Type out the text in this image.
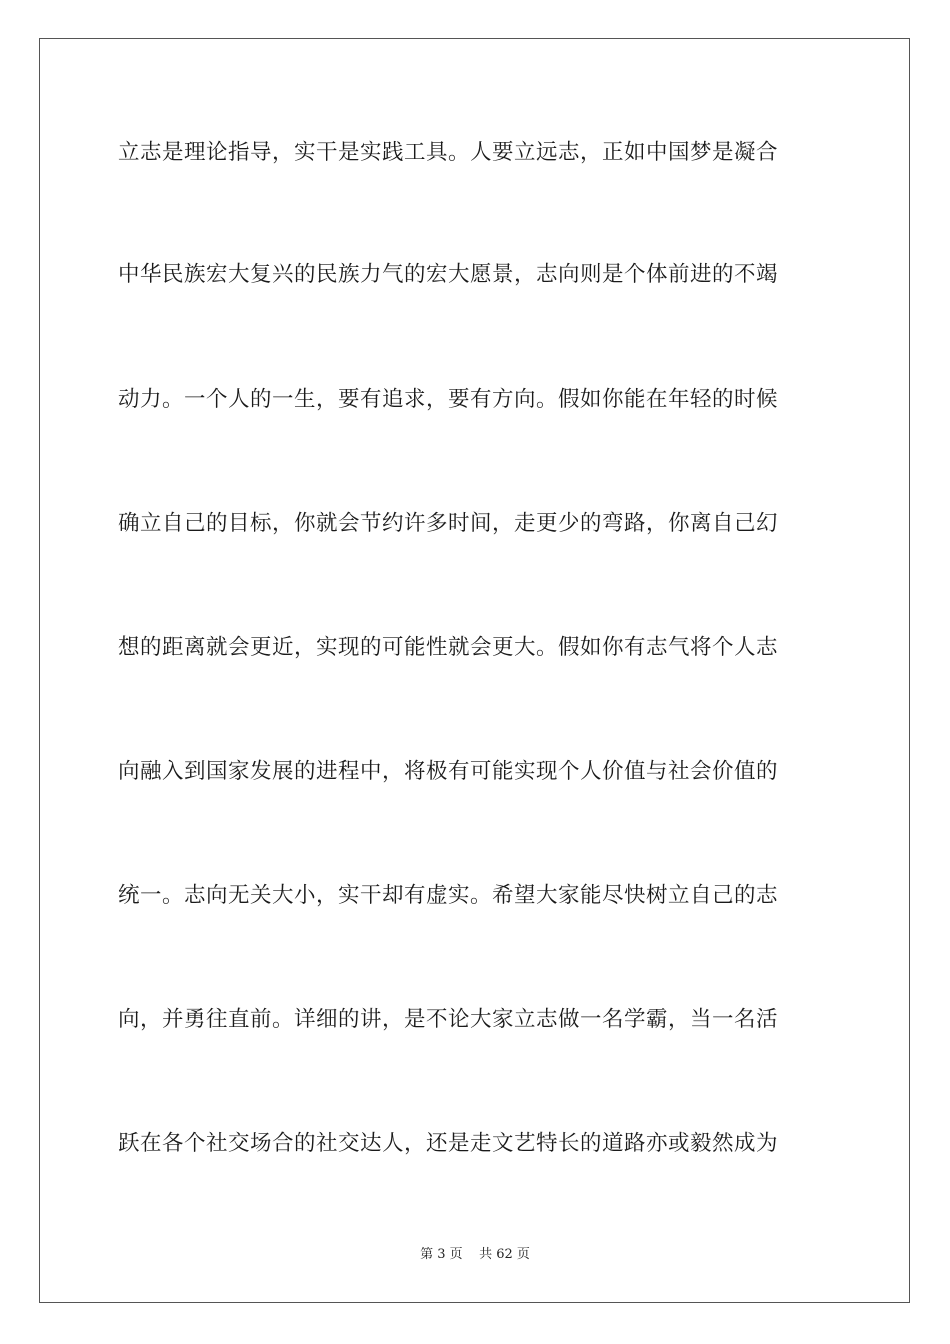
立志是理论指导，实干是实践工具。人要立远志，正如中国梦是凝合
中华民族宏大复兴的民族力气的宏大愿景，志向则是个体前进的不竭
动力。一个人的一生，要有追求，要有方向。假如你能在年轻的时候
确立自己的目标，你就会节约许多时间，走更少的弯路，你离自己幻
想的距离就会更近，实现的可能性就会更大。假如你有志气将个人志
向融入到国家发展的进程中，将极有可能实现个人价值与社会价值的
统一。志向无关大小，实干却有虚实。希望大家能尽快树立自己的志
向，并勇往直前。详细的讲，是不论大家立志做一名学霸，当一名活
跃在各个社交场合的社交达人，还是走文艺特长的道路亦或毅然成为
第 3 页    共 62 页
